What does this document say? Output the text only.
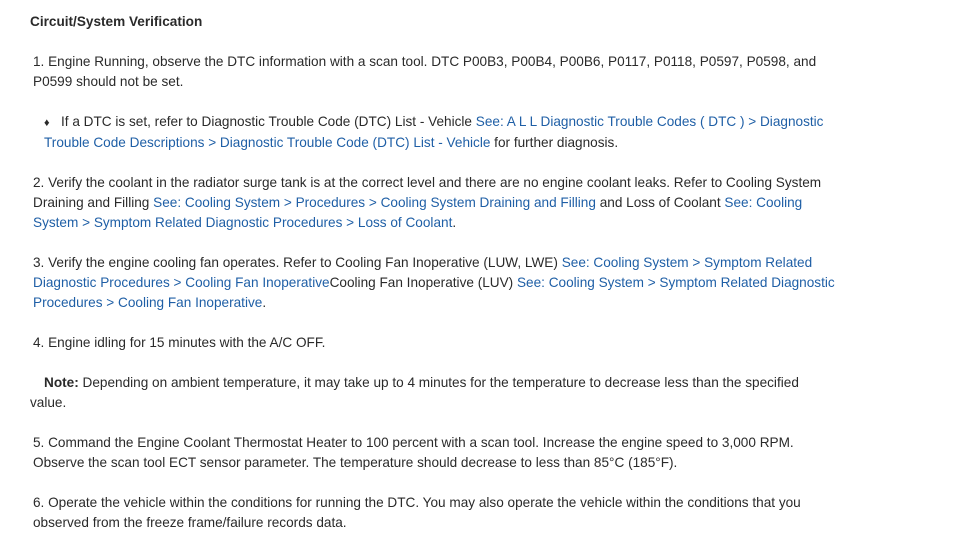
Circuit/System Verification
1. Engine Running, observe the DTC information with a scan tool. DTC P00B3, P00B4, P00B6, P0117, P0118, P0597, P0598, and P0599 should not be set.
♦ If a DTC is set, refer to Diagnostic Trouble Code (DTC) List - Vehicle See: A L L Diagnostic Trouble Codes ( DTC ) > Diagnostic Trouble Code Descriptions > Diagnostic Trouble Code (DTC) List - Vehicle for further diagnosis.
2. Verify the coolant in the radiator surge tank is at the correct level and there are no engine coolant leaks. Refer to Cooling System Draining and Filling See: Cooling System > Procedures > Cooling System Draining and Filling and Loss of Coolant See: Cooling System > Symptom Related Diagnostic Procedures > Loss of Coolant.
3. Verify the engine cooling fan operates. Refer to Cooling Fan Inoperative (LUW, LWE) See: Cooling System > Symptom Related Diagnostic Procedures > Cooling Fan InoperativeCooling Fan Inoperative (LUV) See: Cooling System > Symptom Related Diagnostic Procedures > Cooling Fan Inoperative.
4. Engine idling for 15 minutes with the A/C OFF.
Note: Depending on ambient temperature, it may take up to 4 minutes for the temperature to decrease less than the specified value.
5. Command the Engine Coolant Thermostat Heater to 100 percent with a scan tool. Increase the engine speed to 3,000 RPM. Observe the scan tool ECT sensor parameter. The temperature should decrease to less than 85°C (185°F).
6. Operate the vehicle within the conditions for running the DTC. You may also operate the vehicle within the conditions that you observed from the freeze frame/failure records data.
